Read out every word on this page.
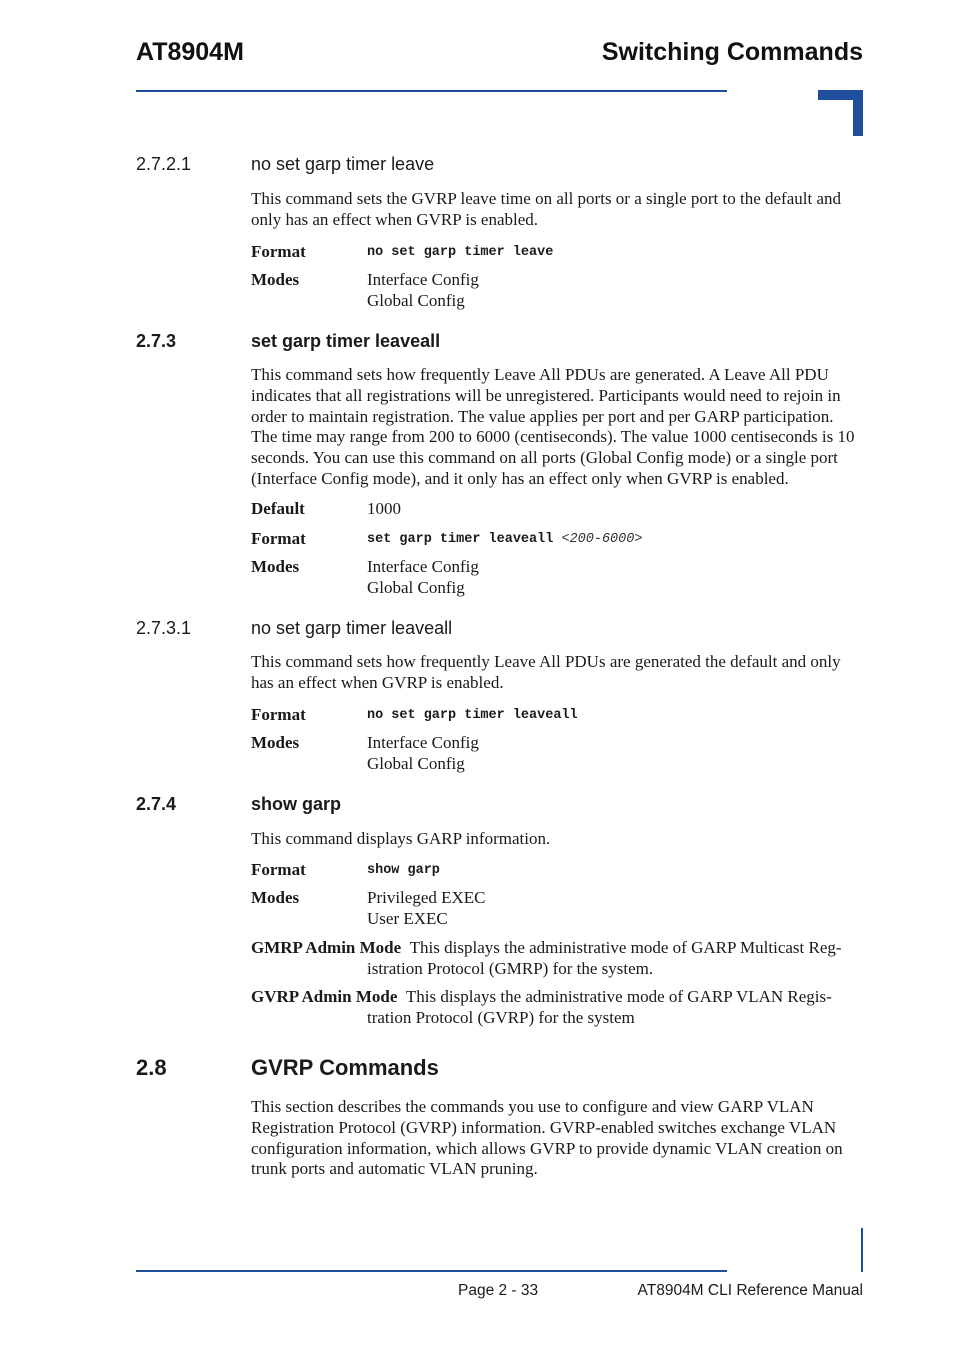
AT8904M	Switching Commands
2.7.2.1	no set garp timer leave
This command sets the GVRP leave time on all ports or a single port to the default and only has an effect when GVRP is enabled.
Format	no set garp timer leave
Modes	Interface Config
Global Config
2.7.3	set garp timer leaveall
This command sets how frequently Leave All PDUs are generated. A Leave All PDU indicates that all registrations will be unregistered. Participants would need to rejoin in order to maintain registration. The value applies per port and per GARP participation. The time may range from 200 to 6000 (centiseconds). The value 1000 centiseconds is 10 seconds. You can use this command on all ports (Global Config mode) or a single port (Interface Config mode), and it only has an effect only when GVRP is enabled.
Default	1000
Format	set garp timer leaveall <200-6000>
Modes	Interface Config
Global Config
2.7.3.1	no set garp timer leaveall
This command sets how frequently Leave All PDUs are generated the default and only has an effect when GVRP is enabled.
Format	no set garp timer leaveall
Modes	Interface Config
Global Config
2.7.4	show garp
This command displays GARP information.
Format	show garp
Modes	Privileged EXEC
User EXEC
GMRP Admin Mode This displays the administrative mode of GARP Multicast Reg-
istration Protocol (GMRP) for the system.
GVRP Admin Mode This displays the administrative mode of GARP VLAN Regis-
tration Protocol (GVRP) for the system
2.8	GVRP Commands
This section describes the commands you use to configure and view GARP VLAN Registration Protocol (GVRP) information. GVRP-enabled switches exchange VLAN configuration information, which allows GVRP to provide dynamic VLAN creation on trunk ports and automatic VLAN pruning.
Page 2 - 33	AT8904M CLI Reference Manual
